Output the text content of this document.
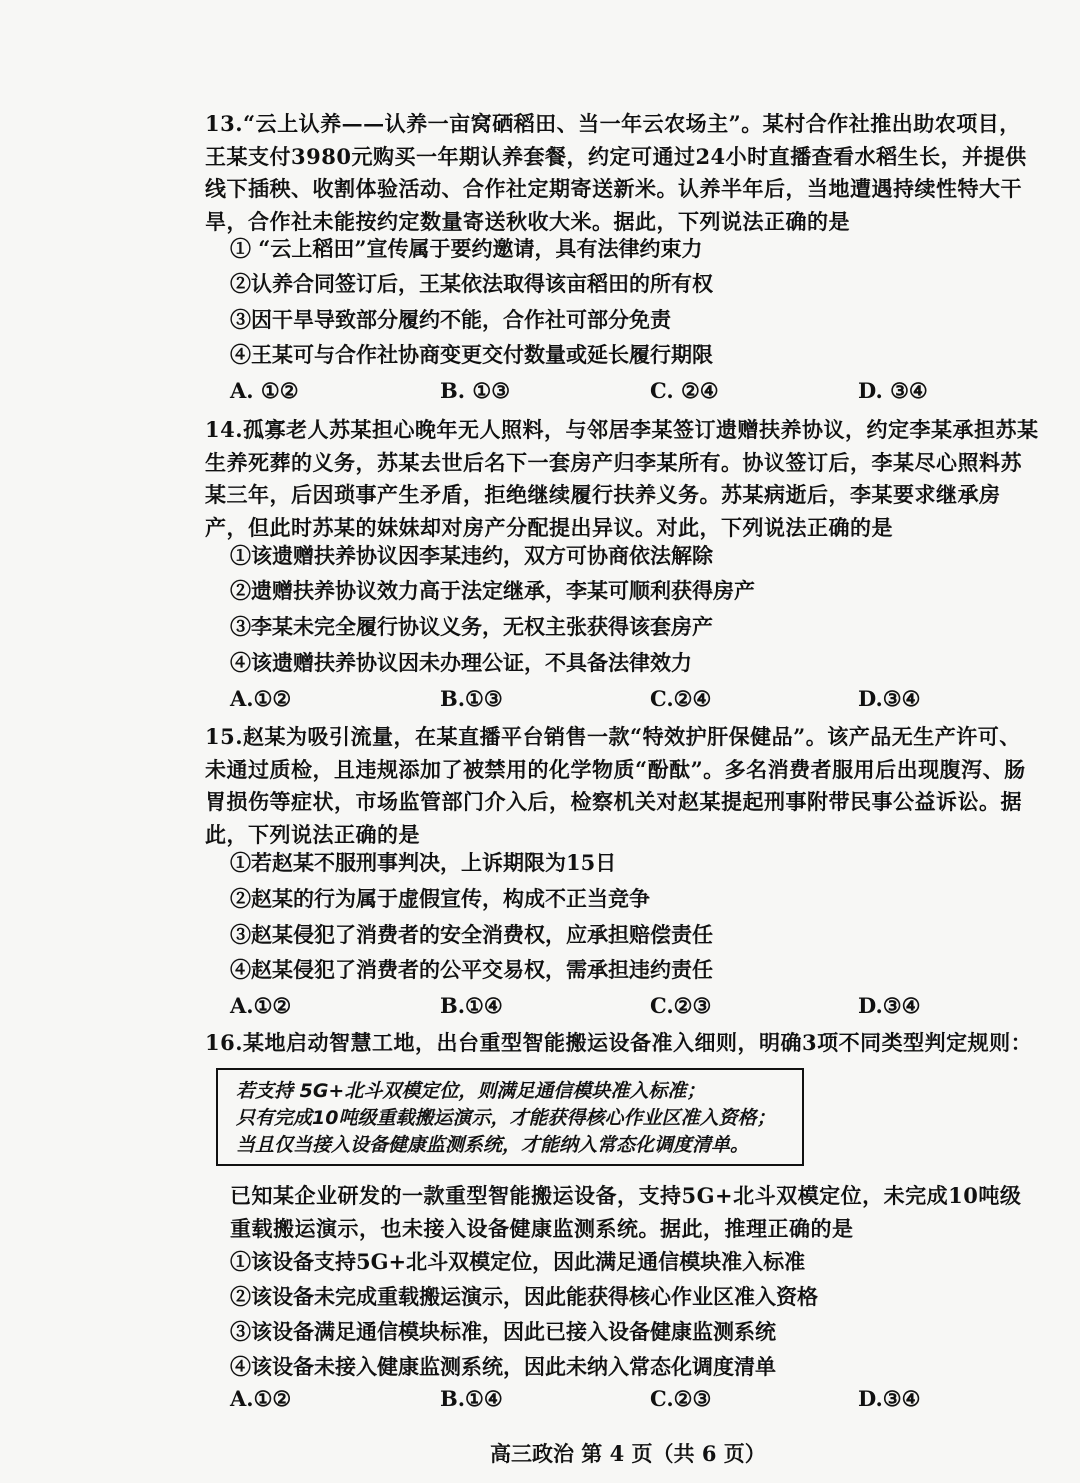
13.“云上认养——认养一亩窝硒稻田、当一年云农场主”。某村合作社推出助农项目，王某支付3980元购买一年期认养套餐，约定可通过24小时直播查看水稻生长，并提供线下插秧、收割体验活动、合作社定期寄送新米。认养半年后，当地遭遇持续性特大干旱，合作社未能按约定数量寄送秋收大米。据此，下列说法正确的是

① “云上稻田”宣传属于要约邀请，具有法律约束力
②认养合同签订后，王某依法取得该亩稻田的所有权
③因干旱导致部分履约不能，合作社可部分免责
④王某可与合作社协商变更交付数量或延长履行期限
A. ①②	B. ①③	C. ②④	D. ③④

14.孤寡老人苏某担心晚年无人照料，与邻居李某签订遗赠扶养协议，约定李某承担苏某生养死葬的义务，苏某去世后名下一套房产归李某所有。协议签订后，李某尽心照料苏某三年，后因琐事产生矛盾，拒绝继续履行扶养义务。苏某病逝后，李某要求继承房产，但此时苏某的妹妹却对房产分配提出异议。对此，下列说法正确的是

①该遗赠扶养协议因李某违约，双方可协商依法解除
②遗赠扶养协议效力高于法定继承，李某可顺利获得房产
③李某未完全履行协议义务，无权主张获得该套房产
④该遗赠扶养协议因未办理公证，不具备法律效力
A.①②	B.①③	C.②④	D.③④

15.赵某为吸引流量，在某直播平台销售一款“特效护肝保健品”。该产品无生产许可、未通过质检，且违规添加了被禁用的化学物质“酚酞”。多名消费者服用后出现腹泻、肠胃损伤等症状，市场监管部门介入后，检察机关对赵某提起刑事附带民事公益诉讼。据此，下列说法正确的是

①若赵某不服刑事判决，上诉期限为15日
②赵某的行为属于虚假宣传，构成不正当竞争
③赵某侵犯了消费者的安全消费权，应承担赔偿责任
④赵某侵犯了消费者的公平交易权，需承担违约责任
A.①②	B.①④	C.②③	D.③④

16.某地启动智慧工地，出台重型智能搬运设备准入细则，明确3项不同类型判定规则：

若支持 5G+北斗双模定位，则满足通信模块准入标准；
只有完成10吨级重载搬运演示，才能获得核心作业区准入资格；
当且仅当接入设备健康监测系统，才能纳入常态化调度清单。

已知某企业研发的一款重型智能搬运设备，支持5G+北斗双模定位，未完成10吨级重载搬运演示，也未接入设备健康监测系统。据此，推理正确的是

①该设备支持5G+北斗双模定位，因此满足通信模块准入标准
②该设备未完成重载搬运演示，因此能获得核心作业区准入资格
③该设备满足通信模块标准，因此已接入设备健康监测系统
④该设备未接入健康监测系统，因此未纳入常态化调度清单
A.①②	B.①④	C.②③	D.③④
高三政治 第 4 页（共 6 页）
